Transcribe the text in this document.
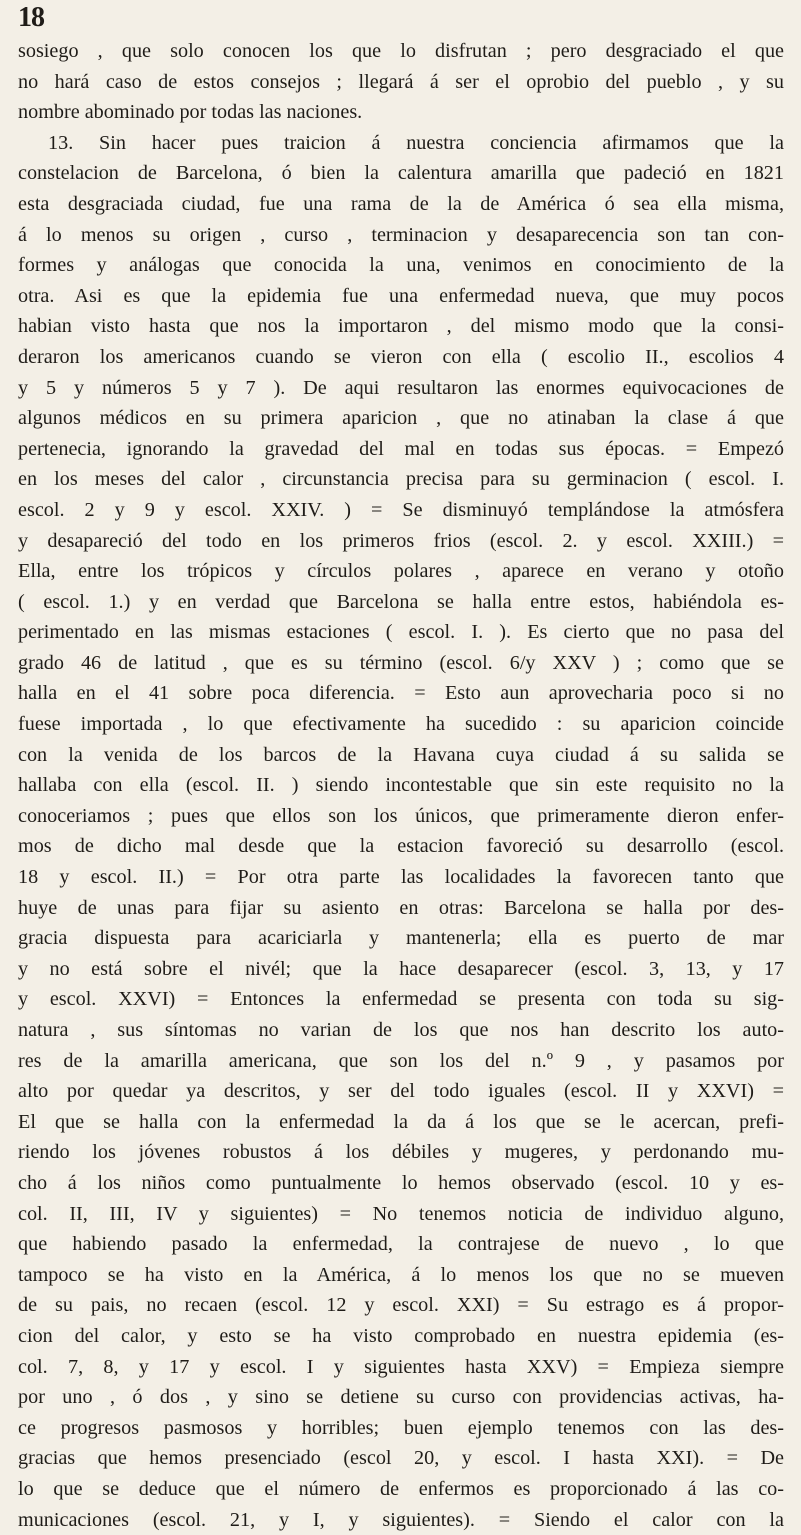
18
sosiego , que solo conocen los que lo disfrutan ; pero desgraciado el que
no hará caso de estos consejos ; llegará á ser el oprobio del pueblo , y su
nombre abominado por todas las naciones.
13. Sin hacer pues traicion á nuestra conciencia afirmamos que la
constelacion de Barcelona, ó bien la calentura amarilla que padeció en 1821
esta desgraciada ciudad, fue una rama de la de América ó sea ella misma,
á lo menos su origen , curso , terminacion y desaparecencia son tan con-
formes y análogas que conocida la una, venimos en conocimiento de la
otra. Asi es que la epidemia fue una enfermedad nueva, que muy pocos
habian visto hasta que nos la importaron , del mismo modo que la consi-
deraron los americanos cuando se vieron con ella ( escolio II., escolios 4
y 5 y números 5 y 7 ). De aqui resultaron las enormes equivocaciones de
algunos médicos en su primera aparicion , que no atinaban la clase á que
pertenecia, ignorando la gravedad del mal en todas sus épocas. = Empezó
en los meses del calor , circunstancia precisa para su germinacion ( escol. I.
escol. 2 y 9 y escol. XXIV. ) = Se disminuyó templándose la atmósfera
y desapareció del todo en los primeros frios (escol. 2. y escol. XXIII.) =
Ella, entre los trópicos y círculos polares , aparece en verano y otoño
( escol. 1.) y en verdad que Barcelona se halla entre estos, habiéndola es-
perimentado en las mismas estaciones ( escol. I. ). Es cierto que no pasa del
grado 46 de latitud , que es su término (escol. 6/y XXV ) ; como que se
halla en el 41 sobre poca diferencia. = Esto aun aprovecharia poco si no
fuese importada , lo que efectivamente ha sucedido : su aparicion coincide
con la venida de los barcos de la Havana cuya ciudad á su salida se
hallaba con ella (escol. II. ) siendo incontestable que sin este requisito no la
conoceriamos ; pues que ellos son los únicos, que primeramente dieron enfer-
mos de dicho mal desde que la estacion favoreció su desarrollo (escol.
18 y escol. II.) = Por otra parte las localidades la favorecen tanto que
huye de unas para fijar su asiento en otras: Barcelona se halla por des-
gracia dispuesta para acariciarla y mantenerla; ella es puerto de mar
y no está sobre el nivél; que la hace desaparecer (escol. 3, 13, y 17
y escol. XXVI) = Entonces la enfermedad se presenta con toda su sig-
natura , sus síntomas no varian de los que nos han descrito los auto-
res de la amarilla americana, que son los del n.º 9 , y pasamos por
alto por quedar ya descritos, y ser del todo iguales (escol. II y XXVI) =
El que se halla con la enfermedad la da á los que se le acercan, prefi-
riendo los jóvenes robustos á los débiles y mugeres, y perdonando mu-
cho á los niños como puntualmente lo hemos observado (escol. 10 y es-
col. II, III, IV y siguientes) = No tenemos noticia de individuo alguno,
que habiendo pasado la enfermedad, la contrajese de nuevo , lo que
tampoco se ha visto en la América, á lo menos los que no se mueven
de su pais, no recaen (escol. 12 y escol. XXI) = Su estrago es á propor-
cion del calor, y esto se ha visto comprobado en nuestra epidemia (es-
col. 7, 8, y 17 y escol. I y siguientes hasta XXV) = Empieza siempre
por uno , ó dos , y sino se detiene su curso con providencias activas, ha-
ce progresos pasmosos y horribles; buen ejemplo tenemos con las des-
gracias que hemos presenciado (escol 20, y escol. I hasta XXI). = De
lo que se deduce que el número de enfermos es proporcionado á las co-
municaciones (escol. 21, y I, y siguientes). = Siendo el calor con la
